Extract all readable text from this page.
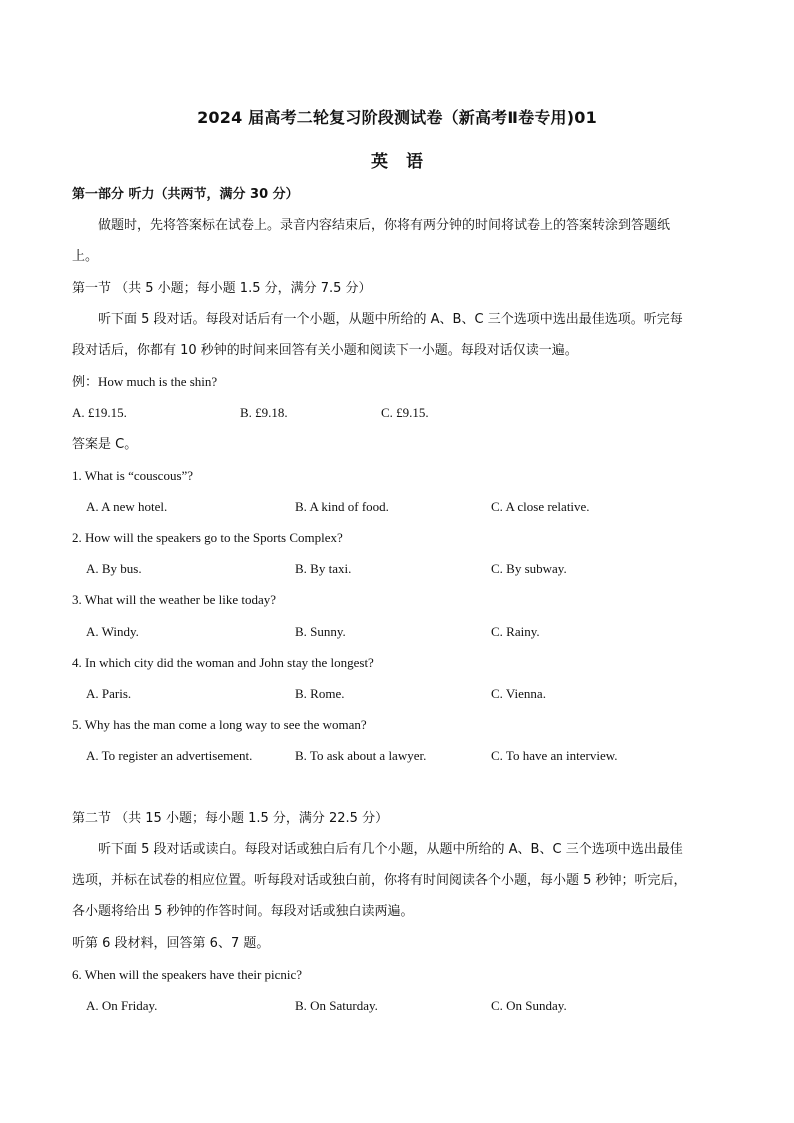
2024 届高考二轮复习阶段测试卷（新高考Ⅱ卷专用)01
英语
第一部分 听力（共两节，满分 30 分）
做题时，先将答案标在试卷上。录音内容结束后，你将有两分钟的时间将试卷上的答案转涂到答题纸
上。
第一节 （共 5 小题；每小题 1.5 分，满分 7.5 分）
听下面 5 段对话。每段对话后有一个小题，从题中所给的 A、B、C 三个选项中选出最佳选项。听完每
段对话后，你都有 10 秒钟的时间来回答有关小题和阅读下一小题。每段对话仅读一遍。
例：How much is the shin?
A. £19.15.	B. £9.18.	C. £9.15.
答案是 C。
1. What is “couscous”?
A. A new hotel.	B. A kind of food.	C. A close relative.
2. How will the speakers go to the Sports Complex?
A. By bus.	B. By taxi.	C. By subway.
3. What will the weather be like today?
A. Windy.	B. Sunny.	C. Rainy.
4. In which city did the woman and John stay the longest?
A. Paris.	B. Rome.	C. Vienna.
5. Why has the man come a long way to see the woman?
A. To register an advertisement.	B. To ask about a lawyer.	C. To have an interview.
第二节 （共 15 小题；每小题 1.5 分，满分 22.5 分）
听下面 5 段对话或读白。每段对话或独白后有几个小题，从题中所给的 A、B、C 三个选项中选出最佳
选项，并标在试卷的相应位置。听每段对话或独白前，你将有时间阅读各个小题，每小题 5 秒钟；听完后，
各小题将给出 5 秒钟的作答时间。每段对话或独白读两遍。
听第 6 段材料，回答第 6、7 题。
6. When will the speakers have their picnic?
A. On Friday.	B. On Saturday.	C. On Sunday.
